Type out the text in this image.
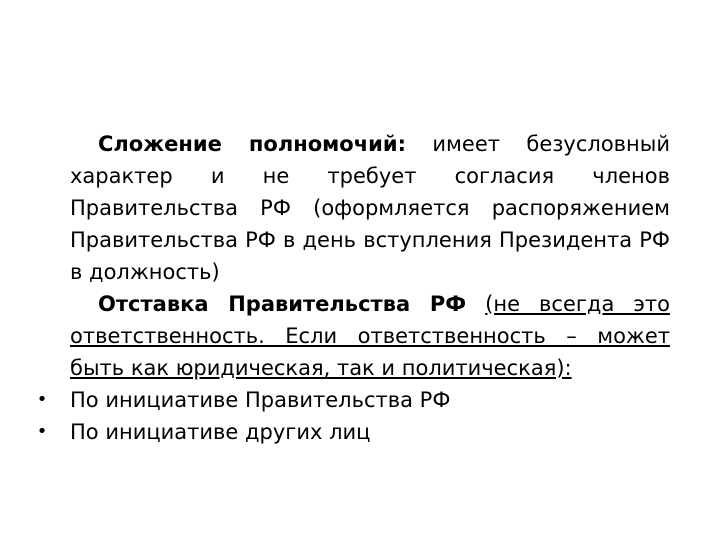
Сложение полномочий: имеет безусловный характер и не требует согласия членов Правительства РФ (оформляется распоряжением Правительства РФ в день вступления Президента РФ в должность)

Отставка Правительства РФ (не всегда это ответственность. Если ответственность – может быть как юридическая, так и политическая):

• По инициативе Правительства РФ
• По инициативе других лиц
